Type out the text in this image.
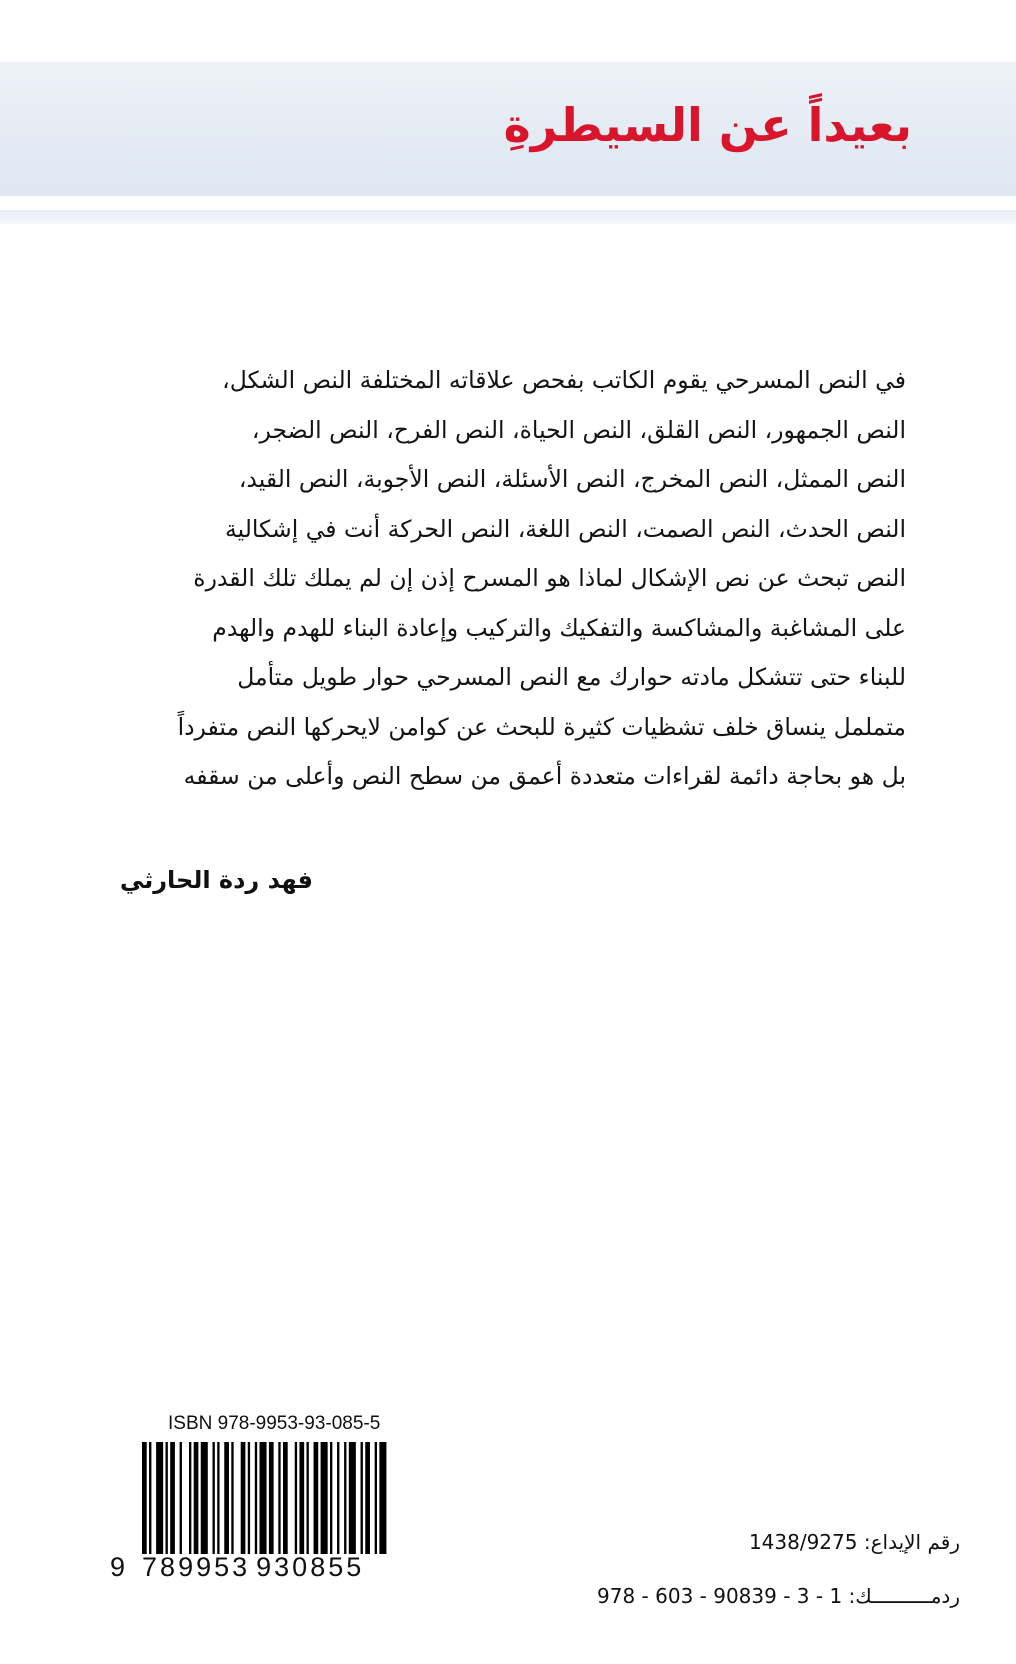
بعيداً عن السيطرةِ
في النص المسرحي يقوم الكاتب بفحص علاقاته المختلفة النص الشكل،
النص الجمهور، النص القلق، النص الحياة، النص الفرح، النص الضجر،
النص الممثل، النص المخرج، النص الأسئلة، النص الأجوبة، النص القيد،
النص الحدث، النص الصمت، النص اللغة، النص الحركة أنت في إشكالية
النص تبحث عن نص الإشكال لماذا هو المسرح إذن إن لم يملك تلك القدرة
على المشاغبة والمشاكسة والتفكيك والتركيب وإعادة البناء للهدم والهدم
للبناء حتى تتشكل مادته حوارك مع النص المسرحي حوار طويل متأمل
متململ ينساق خلف تشظيات كثيرة للبحث عن كوامن لايحركها النص متفرداً
بل هو بحاجة دائمة لقراءات متعددة أعمق من سطح النص وأعلى من سقفه
فهد ردة الحارثي
ISBN 978-9953-93-085-5
9 789953 930855
رقم الإيداع: 1438/9275
ردمــــــــــك: 978 - 603 - 90839 - 3 - 1
